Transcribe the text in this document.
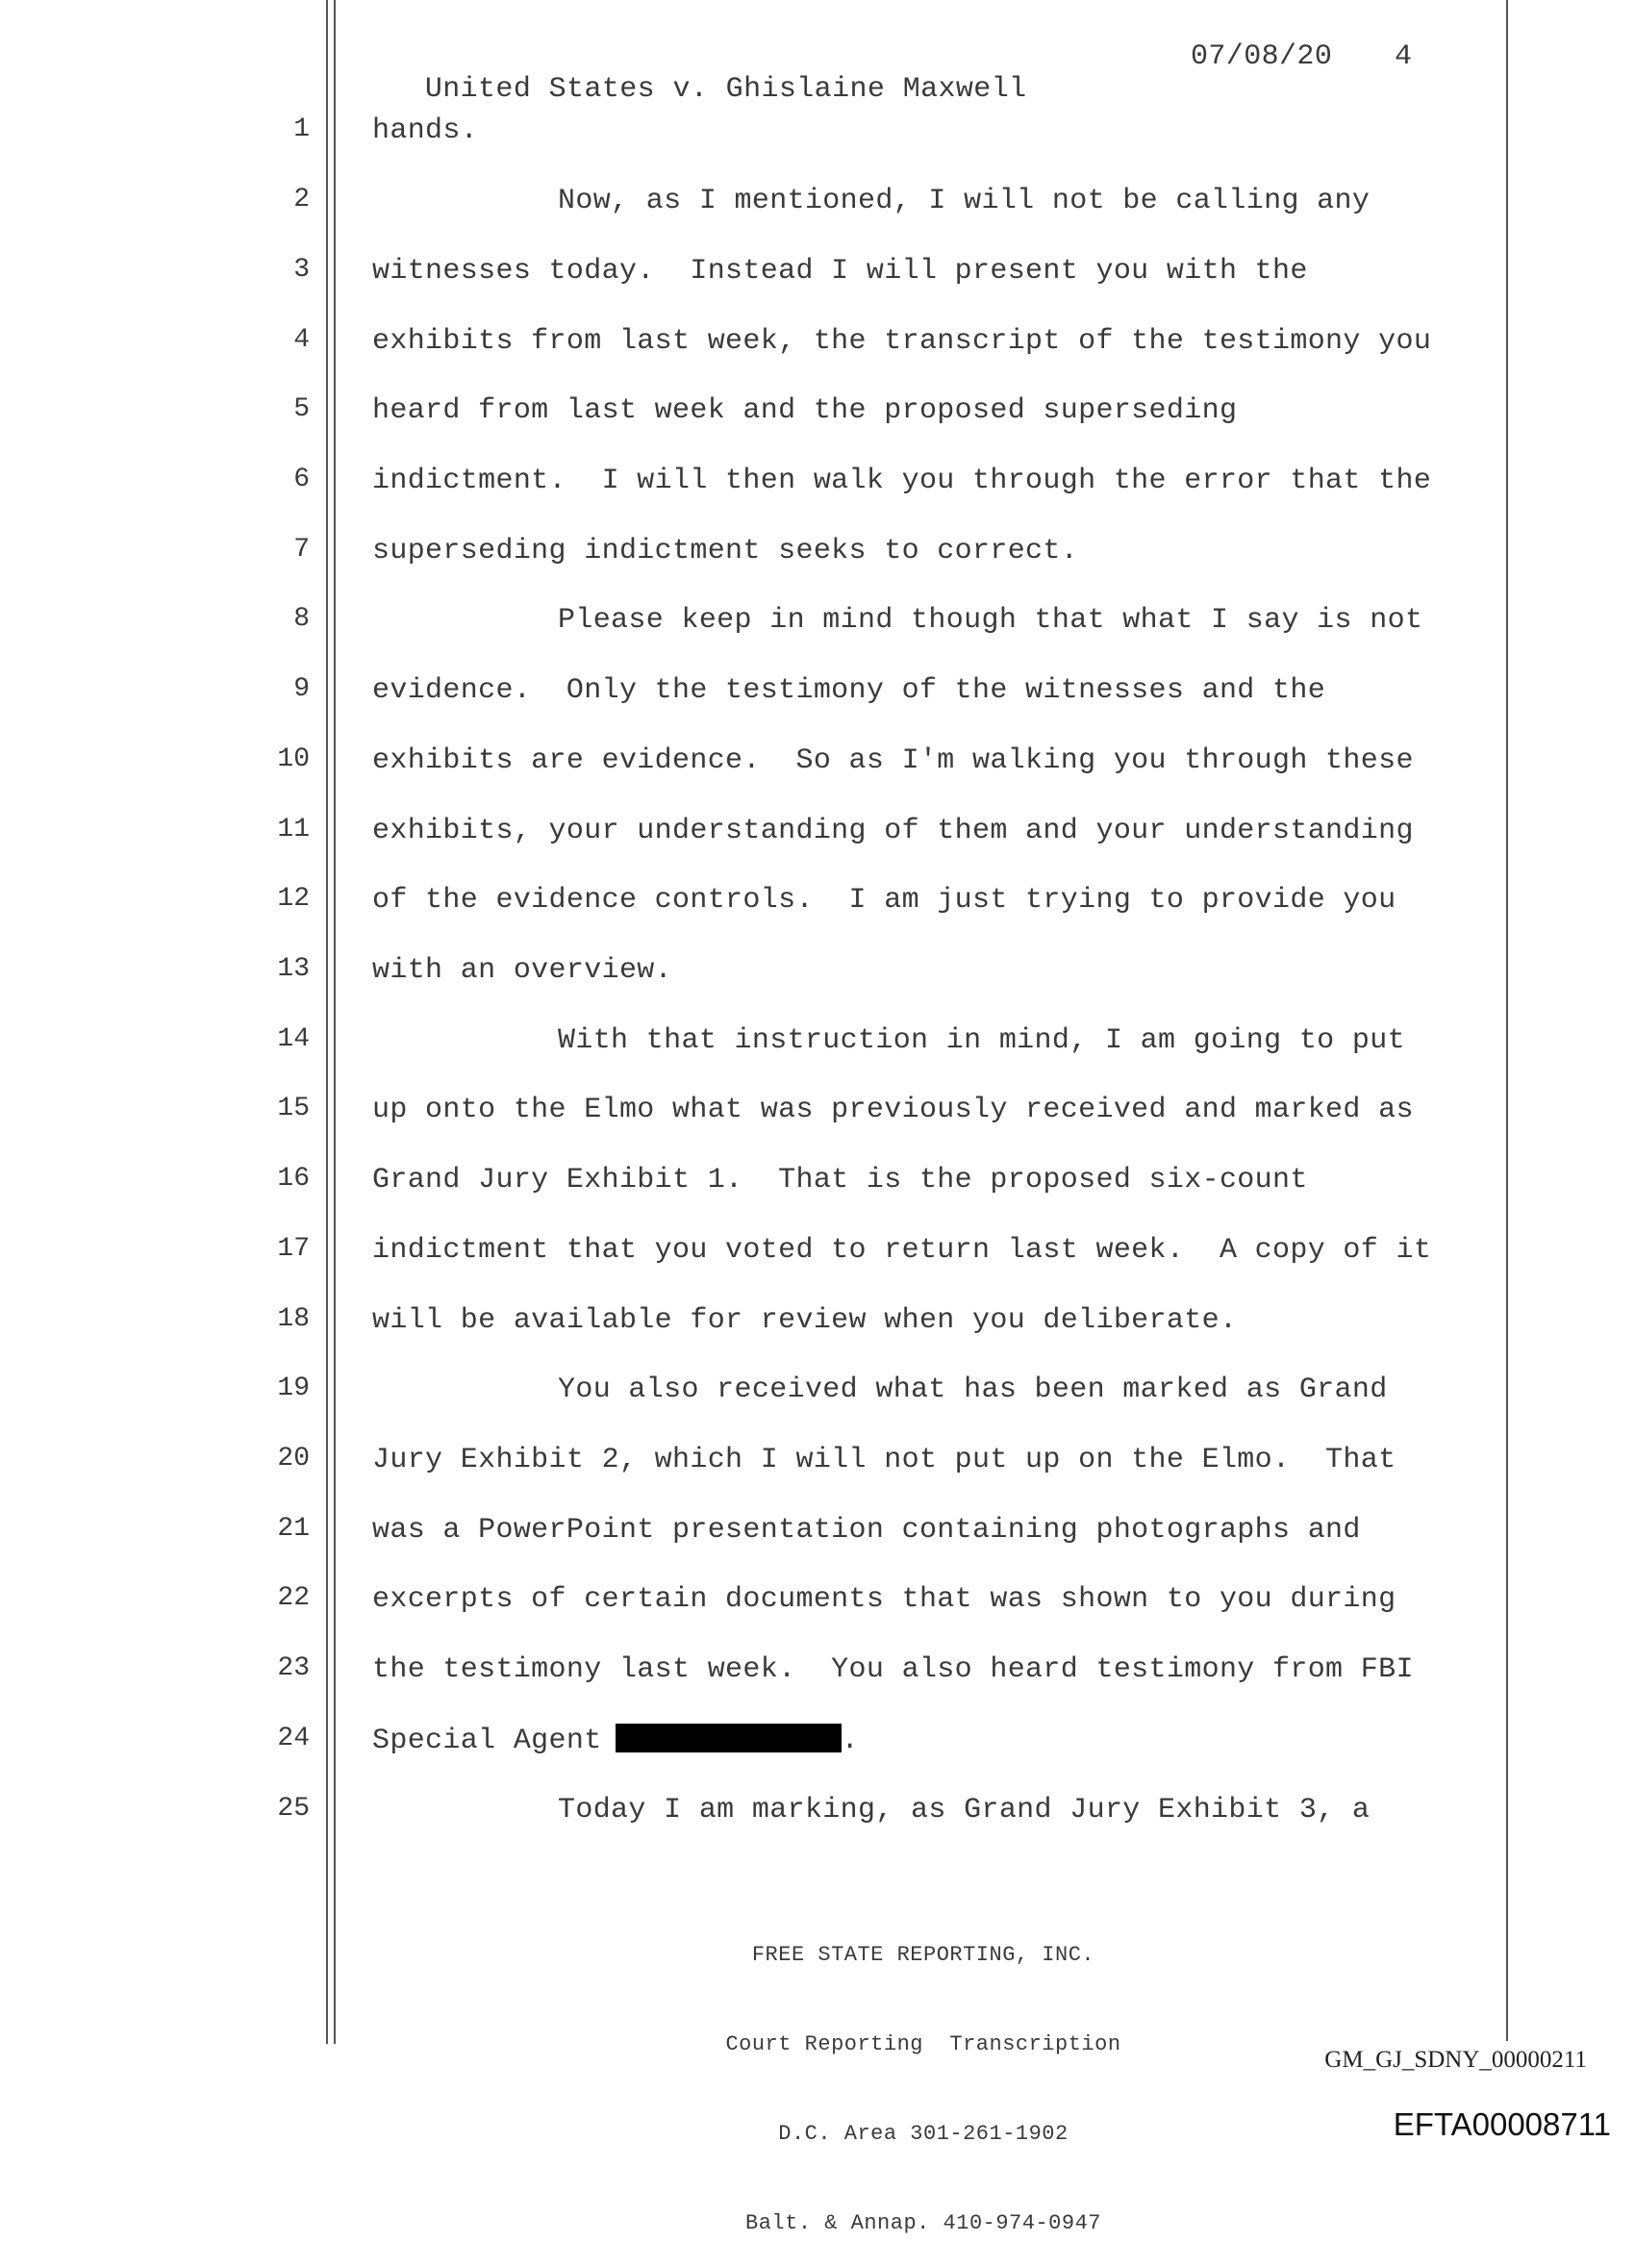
United States v. Ghislaine Maxwell

07/08/20

4

1 hands.
2	Now, as I mentioned, I will not be calling any
3 witnesses today.  Instead I will present you with the
4 exhibits from last week, the transcript of the testimony you
5 heard from last week and the proposed superseding
6 indictment.  I will then walk you through the error that the
7 superseding indictment seeks to correct.
8	Please keep in mind though that what I say is not
9 evidence.  Only the testimony of the witnesses and the
10 exhibits are evidence.  So as I'm walking you through these
11 exhibits, your understanding of them and your understanding
12 of the evidence controls.  I am just trying to provide you
13 with an overview.
14	With that instruction in mind, I am going to put
15 up onto the Elmo what was previously received and marked as
16 Grand Jury Exhibit 1.  That is the proposed six-count
17 indictment that you voted to return last week.  A copy of it
18 will be available for review when you deliberate.
19	You also received what has been marked as Grand
20 Jury Exhibit 2, which I will not put up on the Elmo.  That
21 was a PowerPoint presentation containing photographs and
22 excerpts of certain documents that was shown to you during
23 the testimony last week.  You also heard testimony from FBI
24 Special Agent	.
25	Today I am marking, as Grand Jury Exhibit 3, a

FREE STATE REPORTING, INC.

Court Reporting  Transcription

D.C. Area 301-261-1902

Balt. & Annap. 410-974-0947

GM_GJ_SDNY_00000211
EFTA00008711
